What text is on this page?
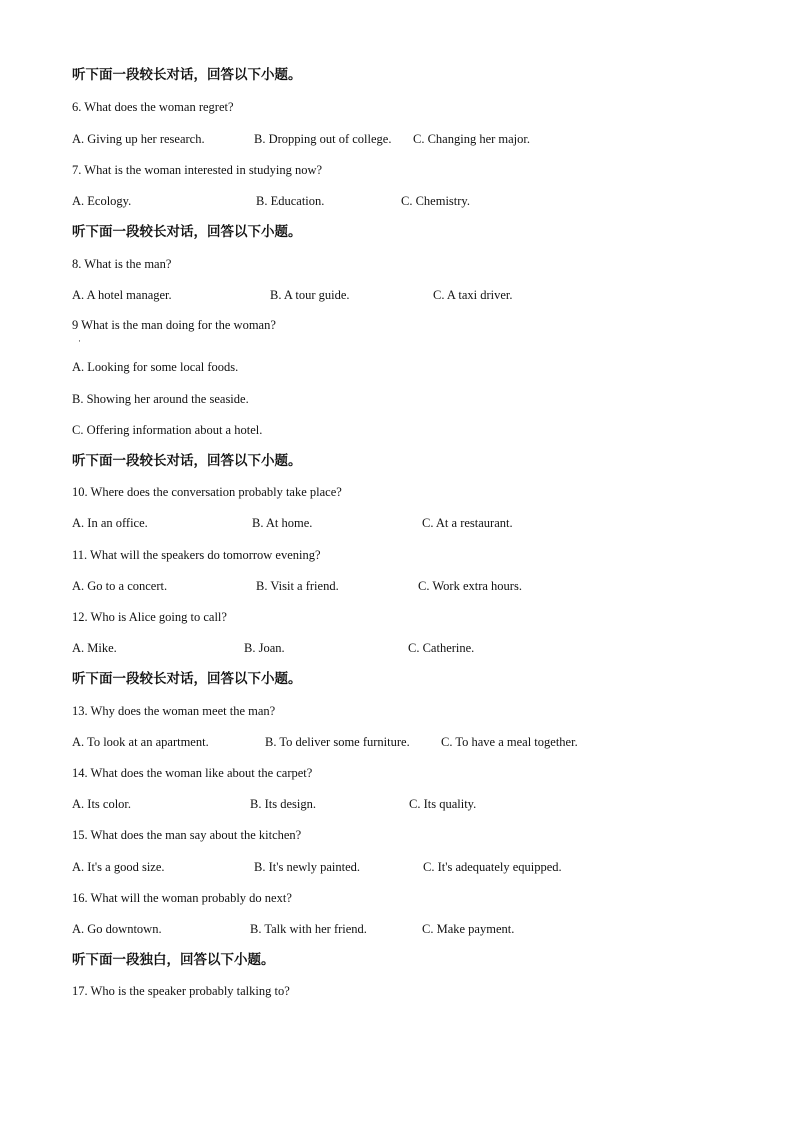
听下面一段较长对话，回答以下小题。
6. What does the woman regret?
A. Giving up her research.	B. Dropping out of college. C. Changing her major.
7. What is the woman interested in studying now?
A. Ecology.	B. Education.	C. Chemistry.
听下面一段较长对话，回答以下小题。
8. What is the man?
A. A hotel manager.	B. A tour guide.	C. A taxi driver.
9 What is the man doing for the woman?
·
A. Looking for some local foods.
B. Showing her around the seaside.
C. Offering information about a hotel.
听下面一段较长对话，回答以下小题。
10. Where does the conversation probably take place?
A. In an office.	B. At home.	C. At a restaurant.
11. What will the speakers do tomorrow evening?
A. Go to a concert.	B. Visit a friend.	C. Work extra hours.
12. Who is Alice going to call?
A. Mike.	B. Joan.	C. Catherine.
听下面一段较长对话，回答以下小题。
13. Why does the woman meet the man?
A. To look at an apartment.	B. To deliver some furniture.	C. To have a meal together.
14. What does the woman like about the carpet?
A. Its color.	B. Its design.	C. Its quality.
15. What does the man say about the kitchen?
A. It's a good size.	B. It's newly painted.	C. It's adequately equipped.
16. What will the woman probably do next?
A. Go downtown.	B. Talk with her friend.	C. Make payment.
听下面一段独白，回答以下小题。
17. Who is the speaker probably talking to?
